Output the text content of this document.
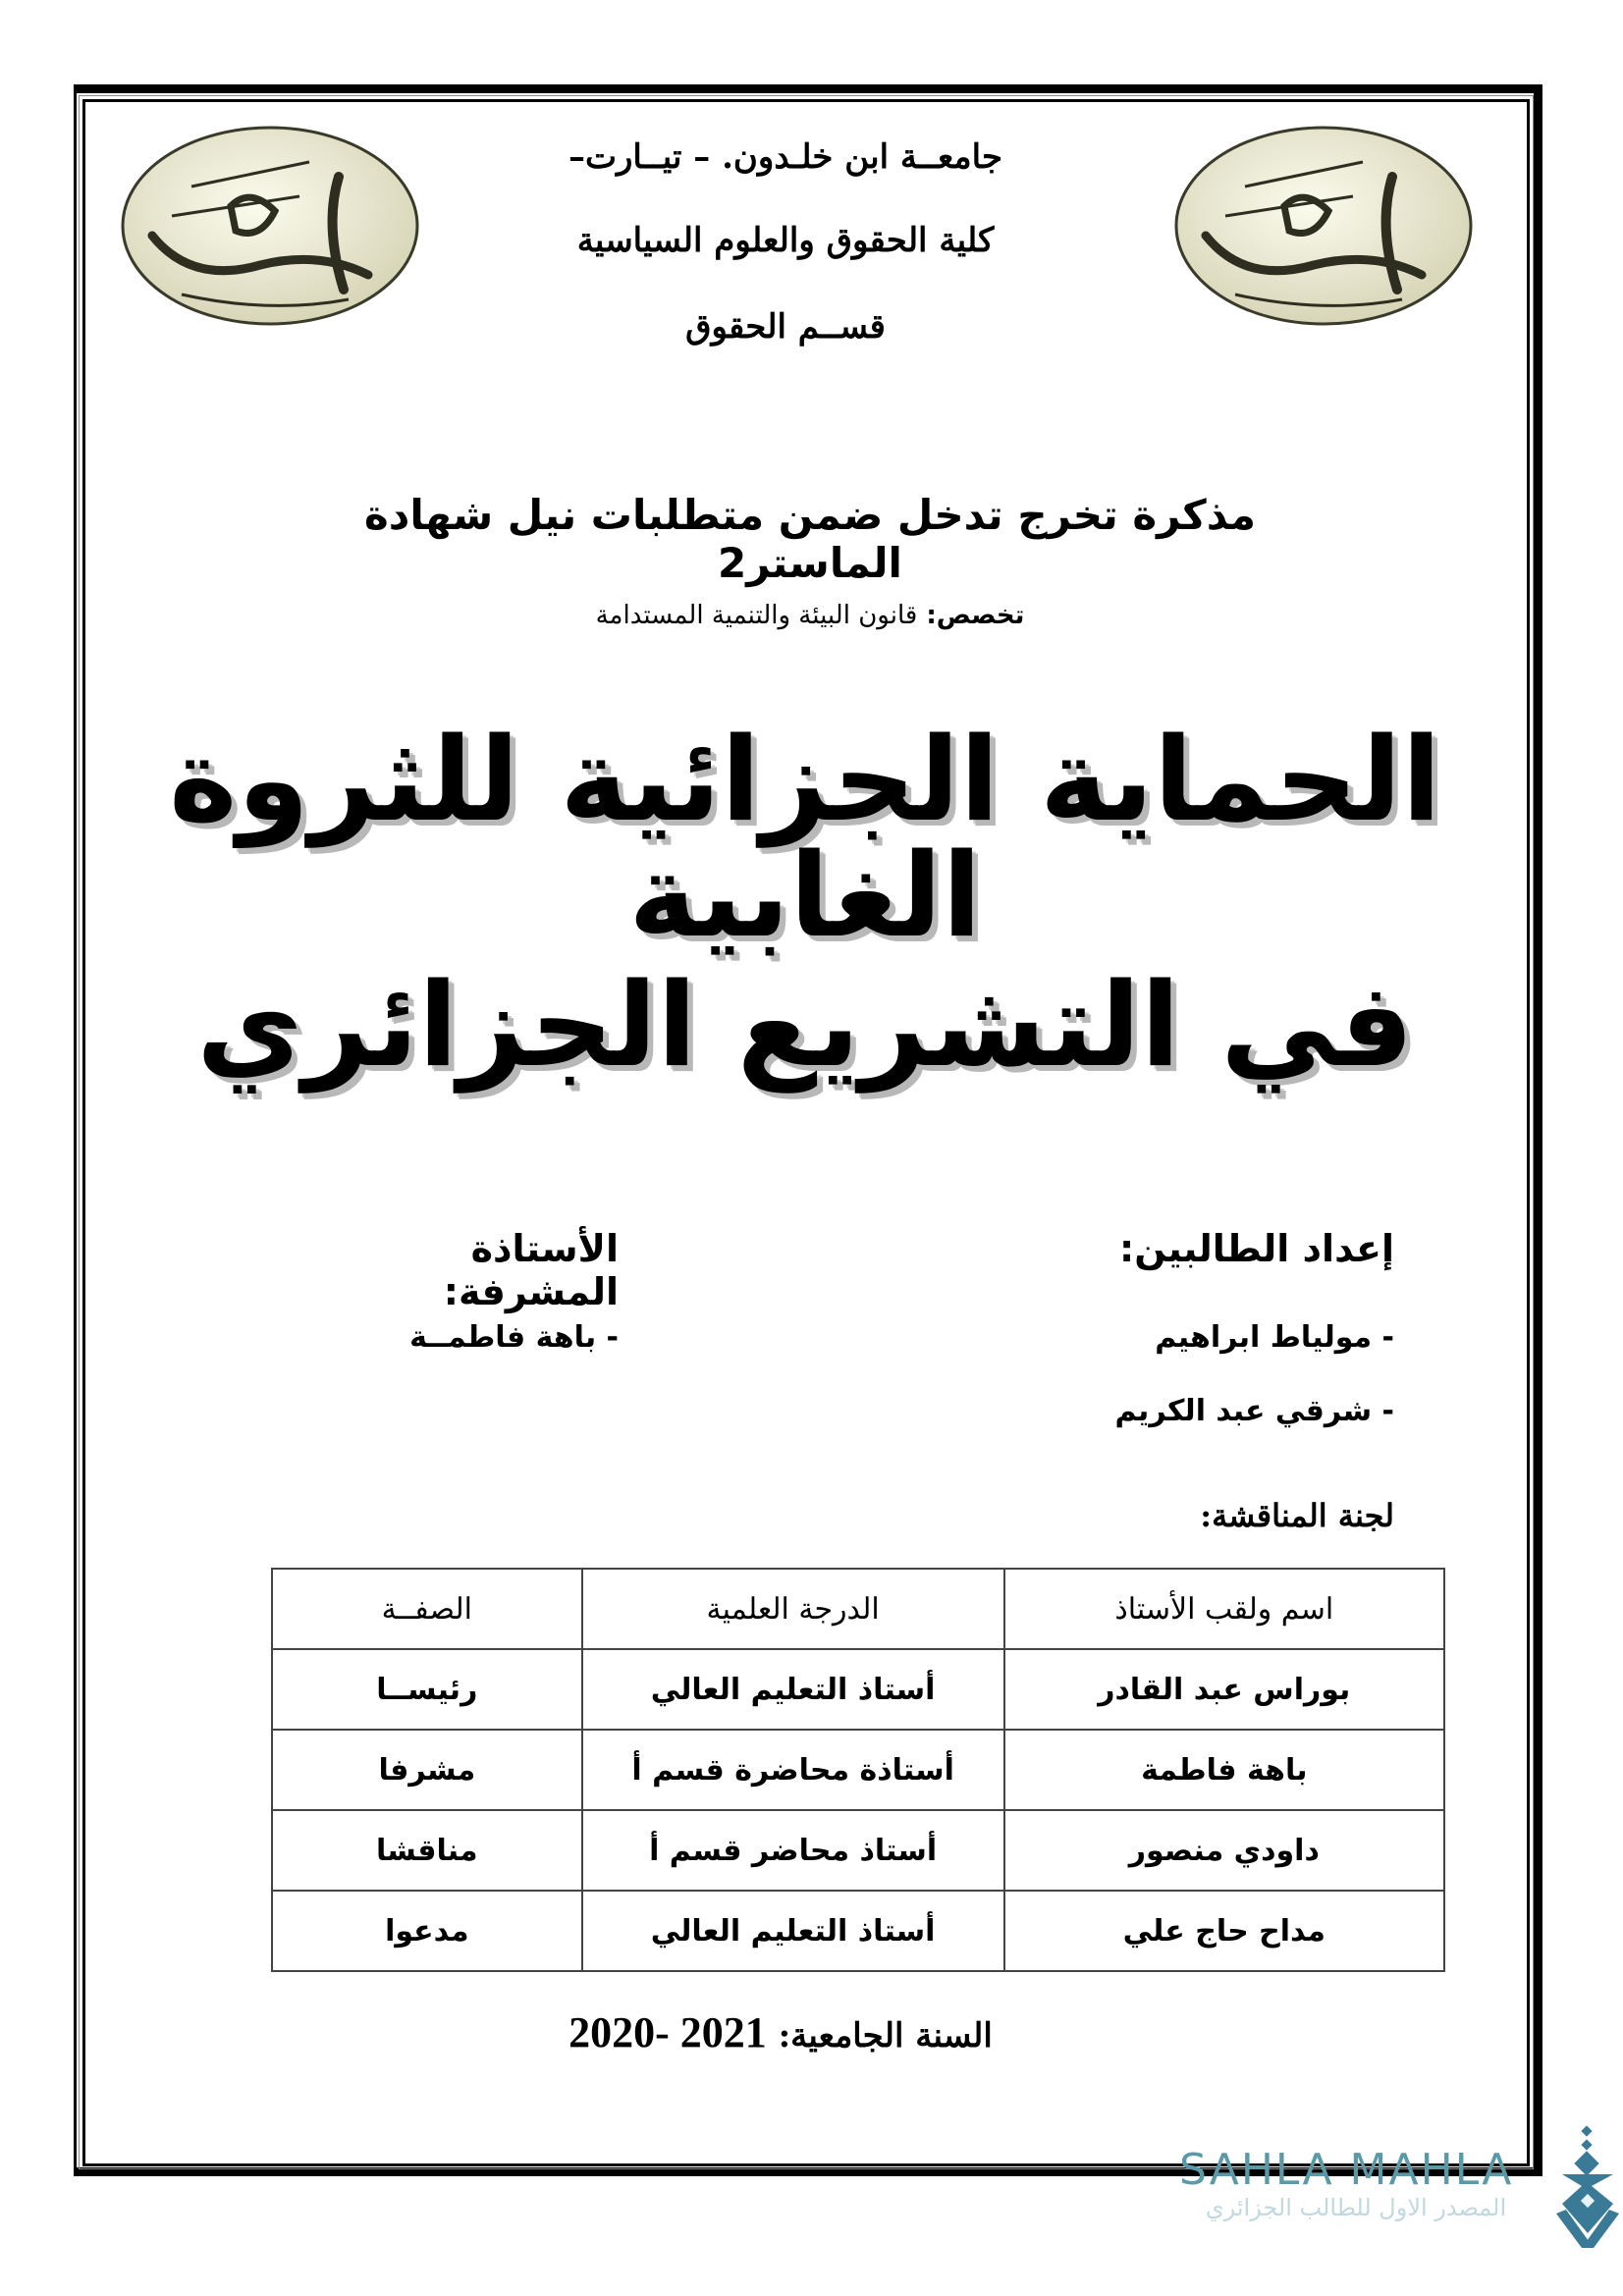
جامعــة ابن خلـدون. – تيــارت–
كلية الحقوق والعلوم السياسية
قســم الحقوق
مذكرة تخرج تدخل ضمن متطلبات نيل شهادة الماستر2
تخصص: قانون البيئة والتنمية المستدامة
الحماية الجزائية للثروة الغابية
في التشريع الجزائري
إعداد الطالبين:
- مولياط ابراهيم
- شرقي عبد الكريم
الأستاذة المشرفة:
- باهة فاطمــة
لجنة المناقشة:
اسم ولقب الأستاذ	الدرجة العلمية	الصفــة
بوراس عبد القادر	أستاذ التعليم العالي	رئيســا
باهة فاطمة	أستاذة محاضرة قسم أ	مشرفا
داودي منصور	أستاذ محاضر قسم أ	مناقشا
مداح حاج علي	أستاذ التعليم العالي	مدعوا
السنة الجامعية: 2020- 2021
SAHLA MAHLA
المصدر الاول للطالب الجزائري
